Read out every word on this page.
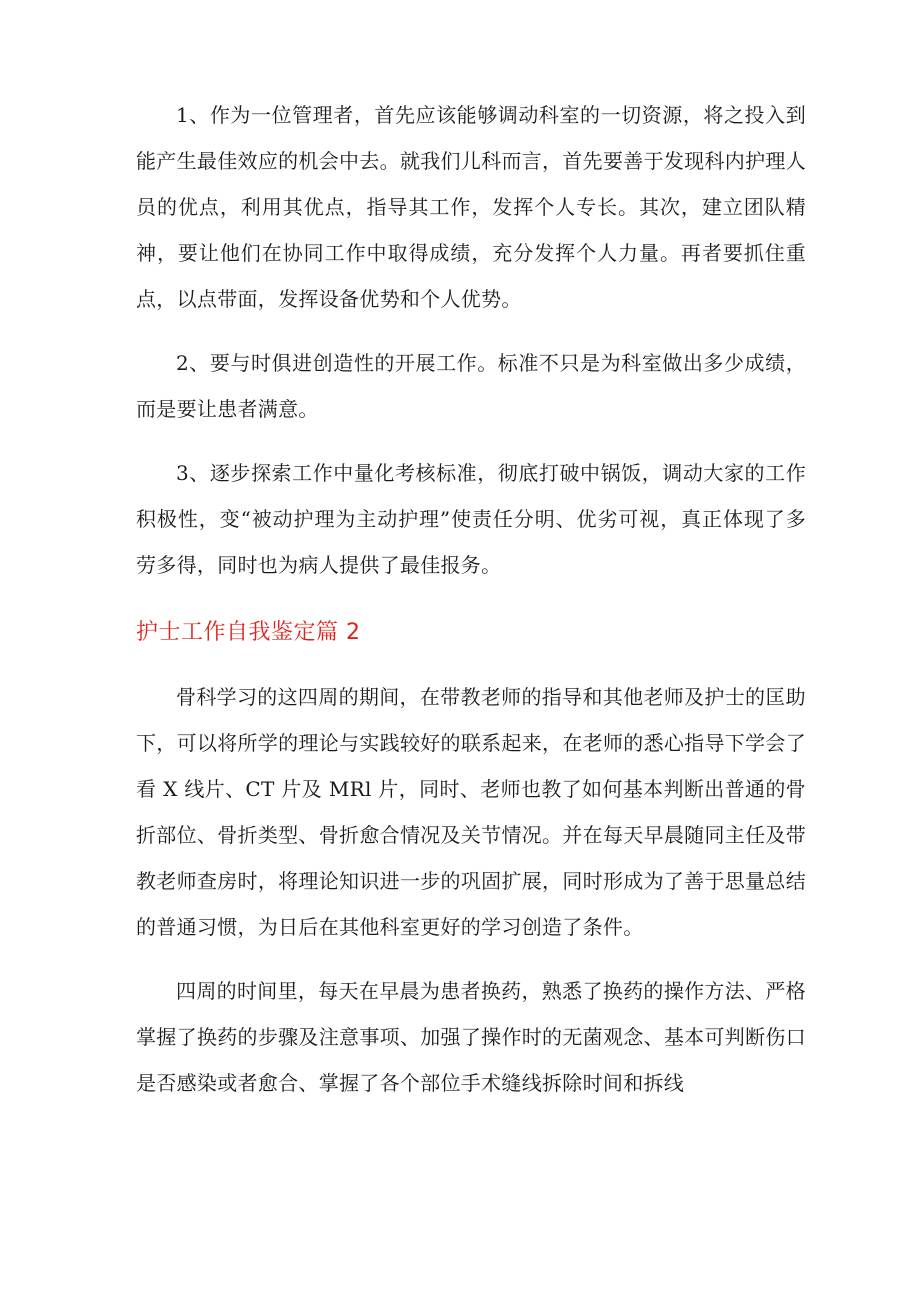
1、作为一位管理者，首先应该能够调动科室的一切资源，将之投入到能产生最佳效应的机会中去。就我们儿科而言，首先要善于发现科内护理人员的优点，利用其优点，指导其工作，发挥个人专长。其次，建立团队精神，要让他们在协同工作中取得成绩，充分发挥个人力量。再者要抓住重点，以点带面，发挥设备优势和个人优势。

2、要与时俱进创造性的开展工作。标准不只是为科室做出多少成绩，而是要让患者满意。

3、逐步探索工作中量化考核标准，彻底打破中锅饭，调动大家的工作积极性，变“被动护理为主动护理”使责任分明、优劣可视，真正体现了多劳多得，同时也为病人提供了最佳报务。

护士工作自我鉴定篇 2

骨科学习的这四周的期间，在带教老师的指导和其他老师及护士的匡助下，可以将所学的理论与实践较好的联系起来，在老师的悉心指导下学会了看 X 线片、CT 片及 MRl 片，同时、老师也教了如何基本判断出普通的骨折部位、骨折类型、骨折愈合情况及关节情况。并在每天早晨随同主任及带教老师查房时，将理论知识进一步的巩固扩展，同时形成为了善于思量总结的普通习惯，为日后在其他科室更好的学习创造了条件。

四周的时间里，每天在早晨为患者换药，熟悉了换药的操作方法、严格掌握了换药的步骤及注意事项、加强了操作时的无菌观念、基本可判断伤口是否感染或者愈合、掌握了各个部位手术缝线拆除时间和拆线
